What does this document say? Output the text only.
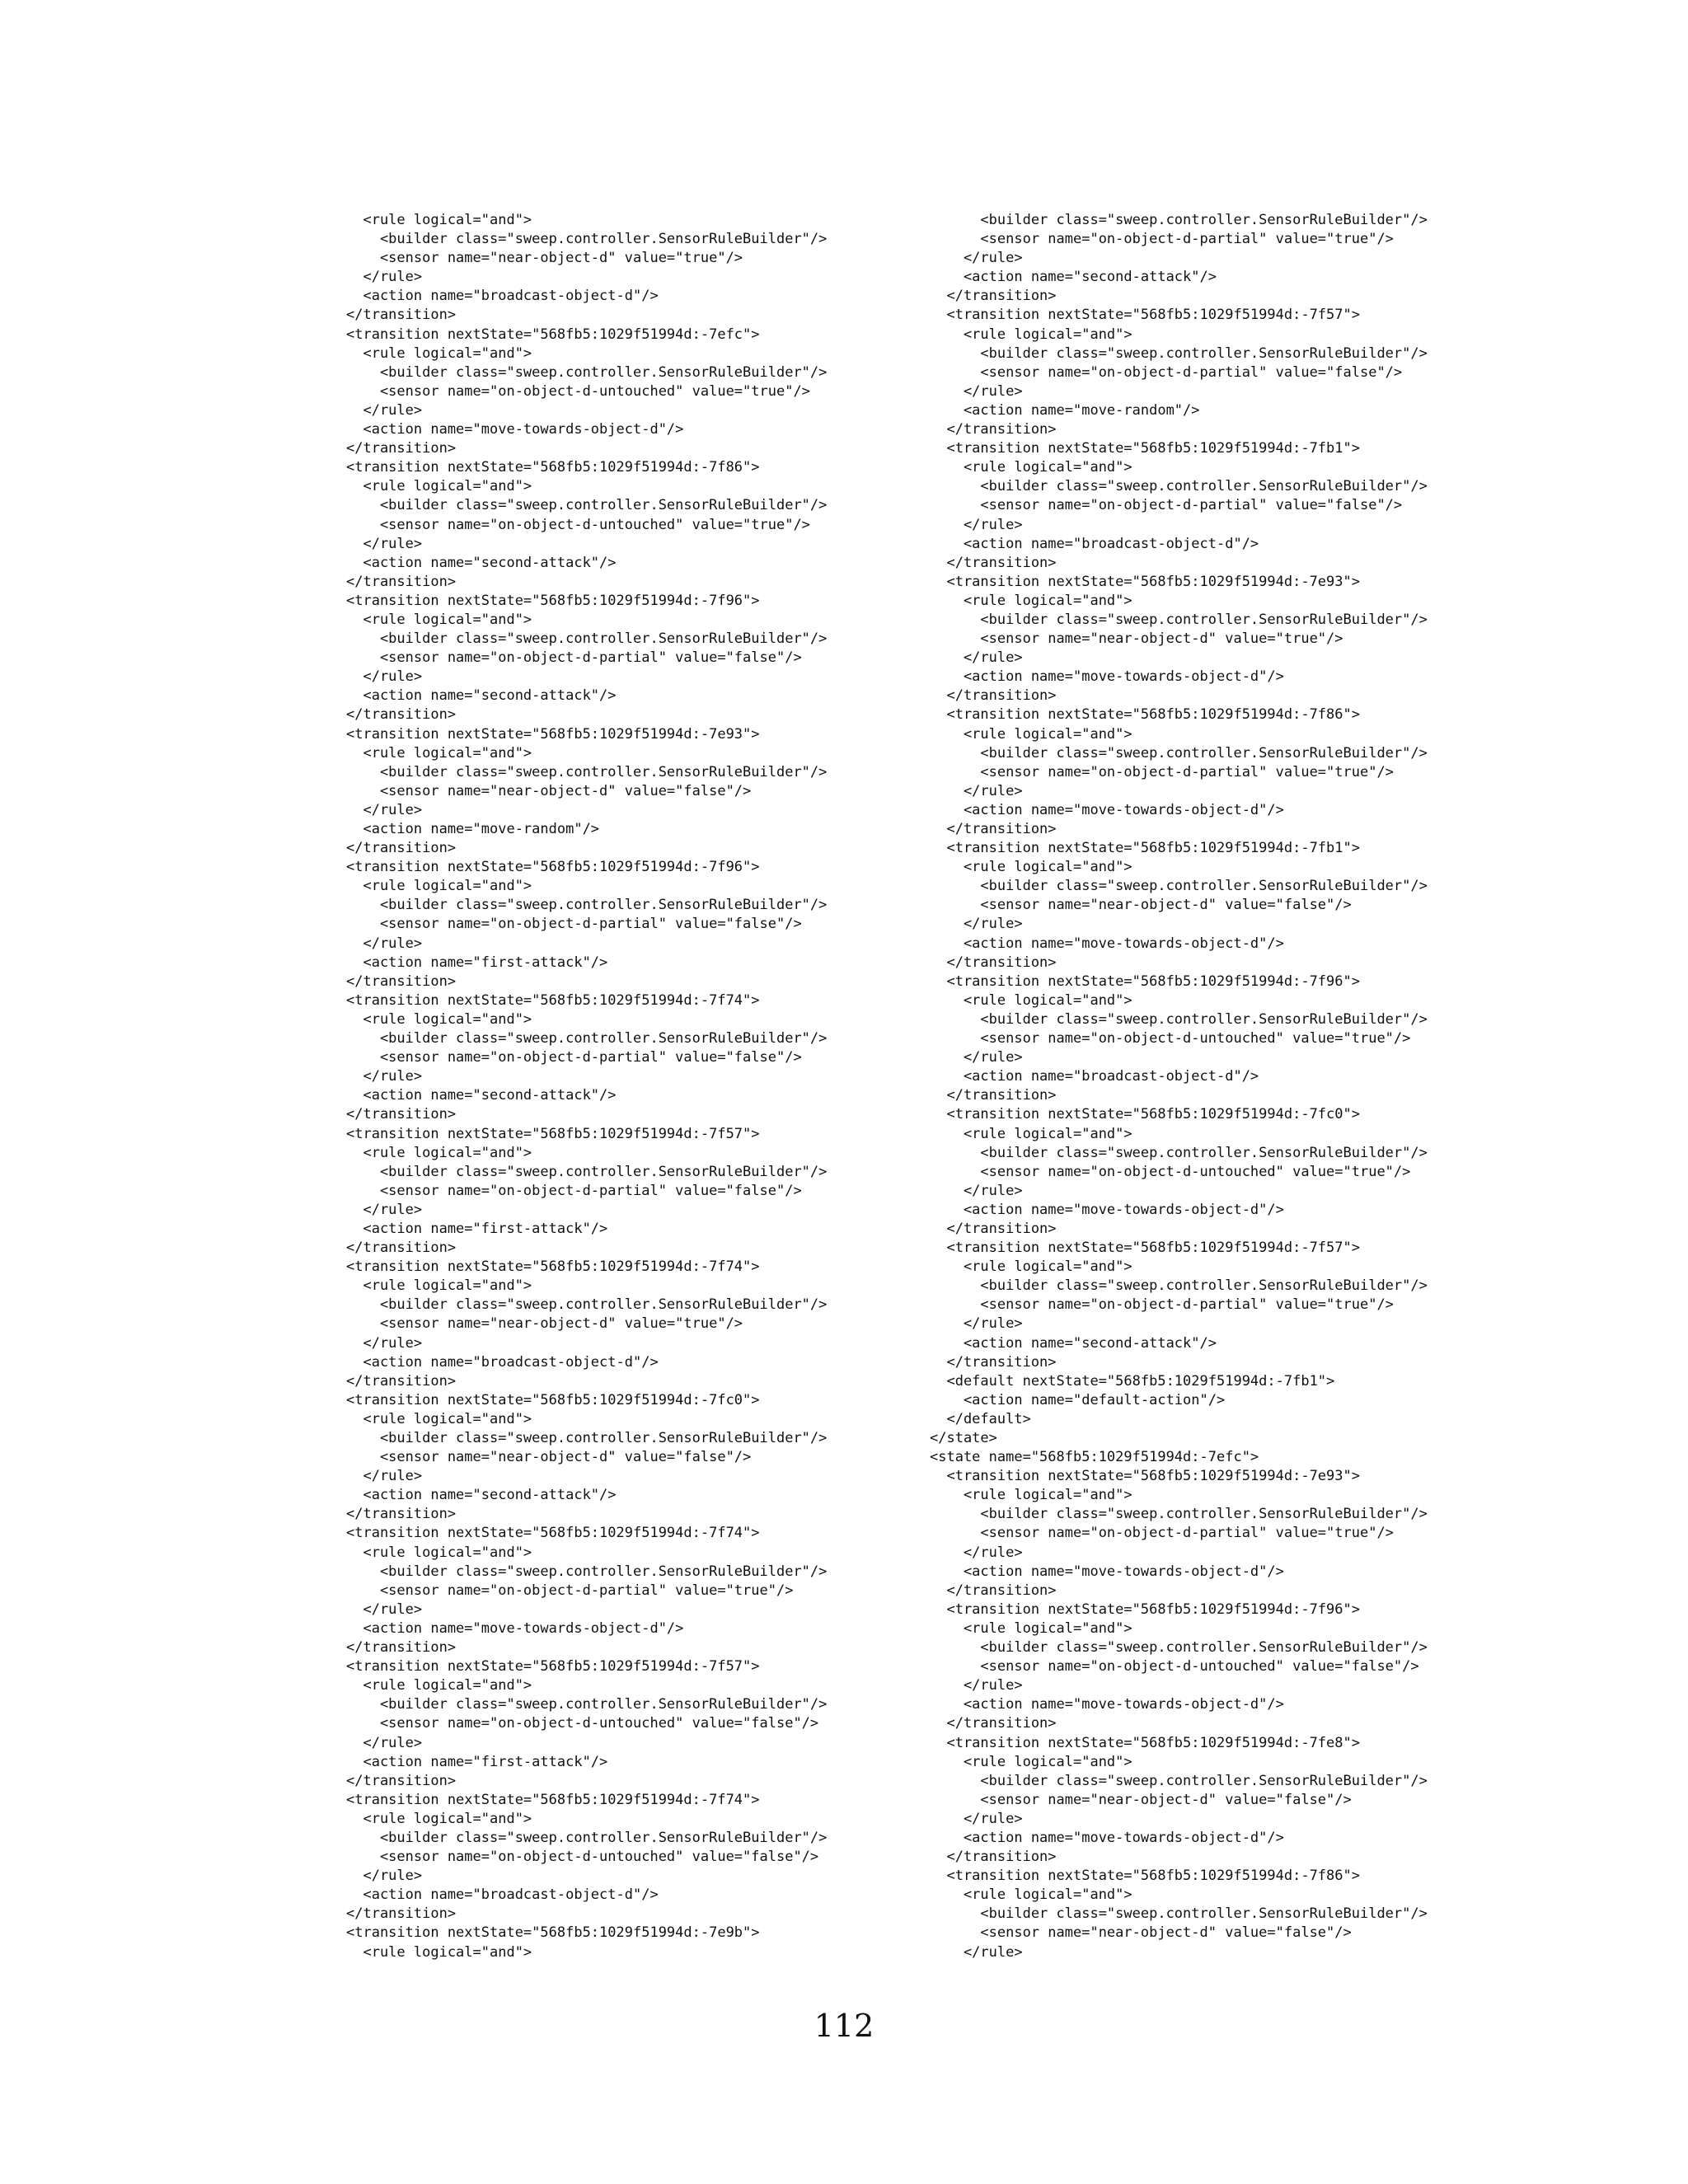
<rule logical="and">
<builder class="sweep.controller.SensorRuleBuilder"/>
<sensor name="near-object-d" value="true"/>
</rule>
<action name="broadcast-object-d"/>
</transition>
<transition nextState="568fb5:1029f51994d:-7efc">
<rule logical="and">
<builder class="sweep.controller.SensorRuleBuilder"/>
<sensor name="on-object-d-untouched" value="true"/>
</rule>
<action name="move-towards-object-d"/>
</transition>
<transition nextState="568fb5:1029f51994d:-7f86">
<rule logical="and">
<builder class="sweep.controller.SensorRuleBuilder"/>
<sensor name="on-object-d-untouched" value="true"/>
</rule>
<action name="second-attack"/>
</transition>
<transition nextState="568fb5:1029f51994d:-7f96">
<rule logical="and">
<builder class="sweep.controller.SensorRuleBuilder"/>
<sensor name="on-object-d-partial" value="false"/>
</rule>
<action name="second-attack"/>
</transition>
<transition nextState="568fb5:1029f51994d:-7e93">
<rule logical="and">
<builder class="sweep.controller.SensorRuleBuilder"/>
<sensor name="near-object-d" value="false"/>
</rule>
<action name="move-random"/>
</transition>
<transition nextState="568fb5:1029f51994d:-7f96">
<rule logical="and">
<builder class="sweep.controller.SensorRuleBuilder"/>
<sensor name="on-object-d-partial" value="false"/>
</rule>
<action name="first-attack"/>
</transition>
<transition nextState="568fb5:1029f51994d:-7f74">
<rule logical="and">
<builder class="sweep.controller.SensorRuleBuilder"/>
<sensor name="on-object-d-partial" value="false"/>
</rule>
<action name="second-attack"/>
</transition>
<transition nextState="568fb5:1029f51994d:-7f57">
<rule logical="and">
<builder class="sweep.controller.SensorRuleBuilder"/>
<sensor name="on-object-d-partial" value="false"/>
</rule>
<action name="first-attack"/>
</transition>
<transition nextState="568fb5:1029f51994d:-7f74">
<rule logical="and">
<builder class="sweep.controller.SensorRuleBuilder"/>
<sensor name="near-object-d" value="true"/>
</rule>
<action name="broadcast-object-d"/>
</transition>
<transition nextState="568fb5:1029f51994d:-7fc0">
<rule logical="and">
<builder class="sweep.controller.SensorRuleBuilder"/>
<sensor name="near-object-d" value="false"/>
</rule>
<action name="second-attack"/>
</transition>
<transition nextState="568fb5:1029f51994d:-7f74">
<rule logical="and">
<builder class="sweep.controller.SensorRuleBuilder"/>
<sensor name="on-object-d-partial" value="true"/>
</rule>
<action name="move-towards-object-d"/>
</transition>
<transition nextState="568fb5:1029f51994d:-7f57">
<rule logical="and">
<builder class="sweep.controller.SensorRuleBuilder"/>
<sensor name="on-object-d-untouched" value="false"/>
</rule>
<action name="first-attack"/>
</transition>
<transition nextState="568fb5:1029f51994d:-7f74">
<rule logical="and">
<builder class="sweep.controller.SensorRuleBuilder"/>
<sensor name="on-object-d-untouched" value="false"/>
</rule>
<action name="broadcast-object-d"/>
</transition>
<transition nextState="568fb5:1029f51994d:-7e9b">
<rule logical="and">
<builder class="sweep.controller.SensorRuleBuilder"/>
<sensor name="on-object-d-partial" value="true"/>
</rule>
<action name="second-attack"/>
</transition>
<transition nextState="568fb5:1029f51994d:-7f57">
<rule logical="and">
<builder class="sweep.controller.SensorRuleBuilder"/>
<sensor name="on-object-d-partial" value="false"/>
</rule>
<action name="move-random"/>
</transition>
<transition nextState="568fb5:1029f51994d:-7fb1">
<rule logical="and">
<builder class="sweep.controller.SensorRuleBuilder"/>
<sensor name="on-object-d-partial" value="false"/>
</rule>
<action name="broadcast-object-d"/>
</transition>
<transition nextState="568fb5:1029f51994d:-7e93">
<rule logical="and">
<builder class="sweep.controller.SensorRuleBuilder"/>
<sensor name="near-object-d" value="true"/>
</rule>
<action name="move-towards-object-d"/>
</transition>
<transition nextState="568fb5:1029f51994d:-7f86">
<rule logical="and">
<builder class="sweep.controller.SensorRuleBuilder"/>
<sensor name="on-object-d-partial" value="true"/>
</rule>
<action name="move-towards-object-d"/>
</transition>
<transition nextState="568fb5:1029f51994d:-7fb1">
<rule logical="and">
<builder class="sweep.controller.SensorRuleBuilder"/>
<sensor name="near-object-d" value="false"/>
</rule>
<action name="move-towards-object-d"/>
</transition>
<transition nextState="568fb5:1029f51994d:-7f96">
<rule logical="and">
<builder class="sweep.controller.SensorRuleBuilder"/>
<sensor name="on-object-d-untouched" value="true"/>
</rule>
<action name="broadcast-object-d"/>
</transition>
<transition nextState="568fb5:1029f51994d:-7fc0">
<rule logical="and">
<builder class="sweep.controller.SensorRuleBuilder"/>
<sensor name="on-object-d-untouched" value="true"/>
</rule>
<action name="move-towards-object-d"/>
</transition>
<transition nextState="568fb5:1029f51994d:-7f57">
<rule logical="and">
<builder class="sweep.controller.SensorRuleBuilder"/>
<sensor name="on-object-d-partial" value="true"/>
</rule>
<action name="second-attack"/>
</transition>
<default nextState="568fb5:1029f51994d:-7fb1">
<action name="default-action"/>
</default>
</state>
<state name="568fb5:1029f51994d:-7efc">
<transition nextState="568fb5:1029f51994d:-7e93">
<rule logical="and">
<builder class="sweep.controller.SensorRuleBuilder"/>
<sensor name="on-object-d-partial" value="true"/>
</rule>
<action name="move-towards-object-d"/>
</transition>
<transition nextState="568fb5:1029f51994d:-7f96">
<rule logical="and">
<builder class="sweep.controller.SensorRuleBuilder"/>
<sensor name="on-object-d-untouched" value="false"/>
</rule>
<action name="move-towards-object-d"/>
</transition>
<transition nextState="568fb5:1029f51994d:-7fe8">
<rule logical="and">
<builder class="sweep.controller.SensorRuleBuilder"/>
<sensor name="near-object-d" value="false"/>
</rule>
<action name="move-towards-object-d"/>
</transition>
<transition nextState="568fb5:1029f51994d:-7f86">
<rule logical="and">
<builder class="sweep.controller.SensorRuleBuilder"/>
<sensor name="near-object-d" value="false"/>
</rule>
112
